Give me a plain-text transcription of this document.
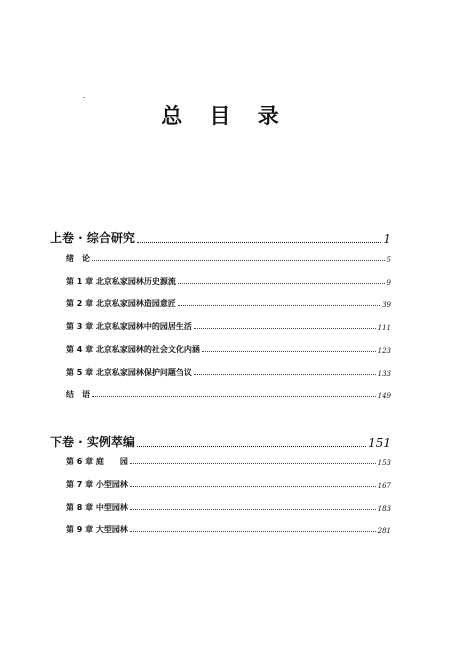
总 目 录
上卷 · 综合研究	1
绪　论	5
第 1 章 北京私家园林历史源流	9
第 2 章 北京私家园林造园意匠	39
第 3 章 北京私家园林中的园居生活	111
第 4 章 北京私家园林的社会文化内涵	123
第 5 章 北京私家园林保护问题刍议	133
结　语	149
下卷 · 实例萃编	151
第 6 章 庭　　园	153
第 7 章 小型园林	167
第 8 章 中型园林	183
第 9 章 大型园林	281
